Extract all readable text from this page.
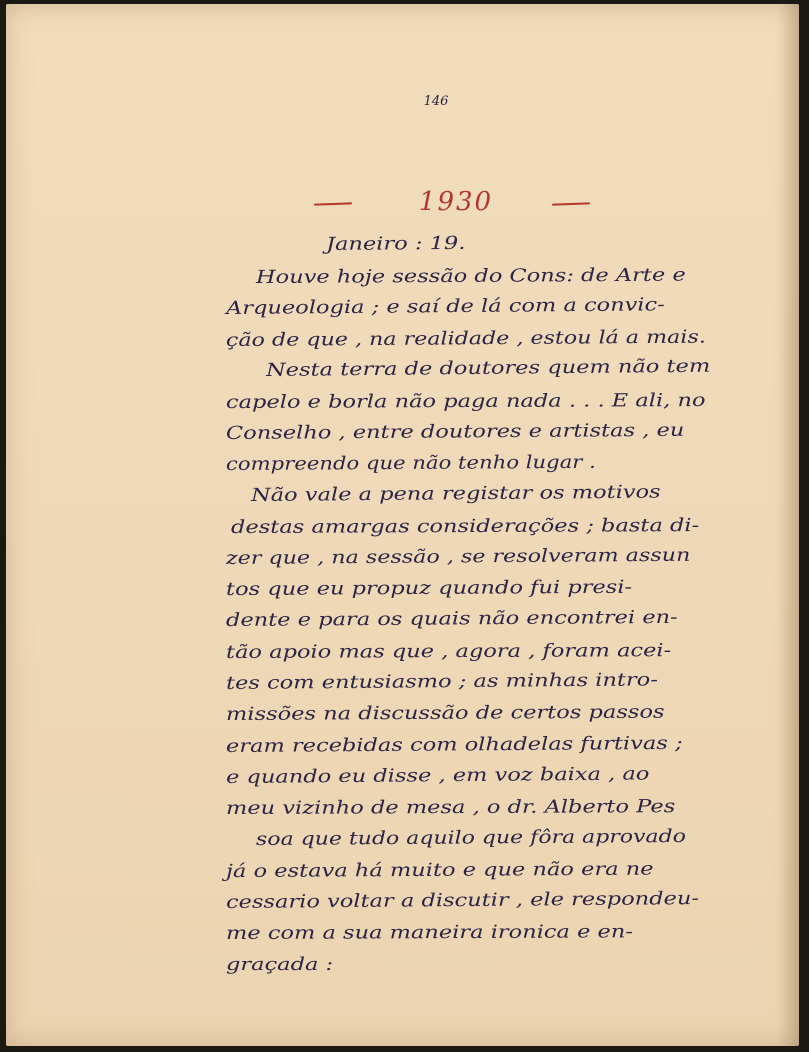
146
1930
Janeiro : 19.
Houve hoje sessão do Cons: de Arte e
Arqueologia ; e saí de lá com a convic-
ção de que , na realidade , estou lá a mais.
Nesta terra de doutores quem não tem
capelo e borla não paga nada . . . E ali, no
Conselho , entre doutores e artistas , eu
compreendo que não tenho lugar .
Não vale a pena registar os motivos
destas amargas considerações ; basta di-
zer que , na sessão , se resolveram assun
tos que eu propuz quando fui presi-
dente e para os quais não encontrei en-
tão apoio mas que , agora , foram acei-
tes com entusiasmo ; as minhas intro-
missões na discussão de certos passos
eram recebidas com olhadelas furtivas ;
e quando eu disse , em voz baixa , ao
meu vizinho de mesa , o dr. Alberto Pes
soa que tudo aquilo que fôra aprovado
já o estava há muito e que não era ne
cessario voltar a discutir , ele respondeu-
me com a sua maneira ironica e en-
graçada :
